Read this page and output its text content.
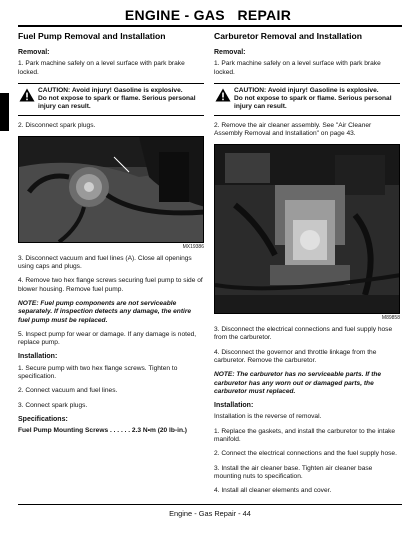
ENGINE - GAS   REPAIR
Fuel Pump Removal and Installation
Removal:

1. Park machine safely on a level surface with park brake locked.

CAUTION: Avoid injury! Gasoline is explosive.
Do not expose to spark or flame. Serious personal injury can result.

2. Disconnect spark plugs.

MX19386

3. Disconnect vacuum and fuel lines (A). Close all openings using caps and plugs.

4. Remove two hex flange screws securing fuel pump to side of blower housing. Remove fuel pump.

NOTE: Fuel pump components are not serviceable separately. If inspection detects any damage, the entire fuel pump must be replaced.

5. Inspect pump for wear or damage. If any damage is noted, replace pump.

Installation:

1. Secure pump with two hex flange screws. Tighten to specification.

2. Connect vacuum and fuel lines.

3. Connect spark plugs.

Specifications:

Fuel Pump Mounting Screws . . . . . . 2.3 N•m (20 lb-in.)

Carburetor Removal and Installation
Removal:

1. Park machine safely on a level surface with park brake locked.

CAUTION: Avoid injury! Gasoline is explosive.
Do not expose to spark or flame. Serious personal injury can result.

2. Remove the air cleaner assembly. See "Air Cleaner Assembly Removal and Installation" on page 43.

M89858

3. Disconnect the electrical connections and fuel supply hose from the carburetor.

4. Disconnect the governor and throttle linkage from the carburetor. Remove the carburetor.

NOTE: The carburetor has no serviceable parts. If the carburetor has any worn out or damaged parts, the carburetor must replaced.

Installation:

Installation is the reverse of removal.

1. Replace the gaskets, and install the carburetor to the intake manifold.

2. Connect the electrical connections and the fuel supply hose.

3. Install the air cleaner base. Tighten air cleaner base mounting nuts to specification.

4. Install all cleaner elements and cover.

Engine - Gas Repair - 44
